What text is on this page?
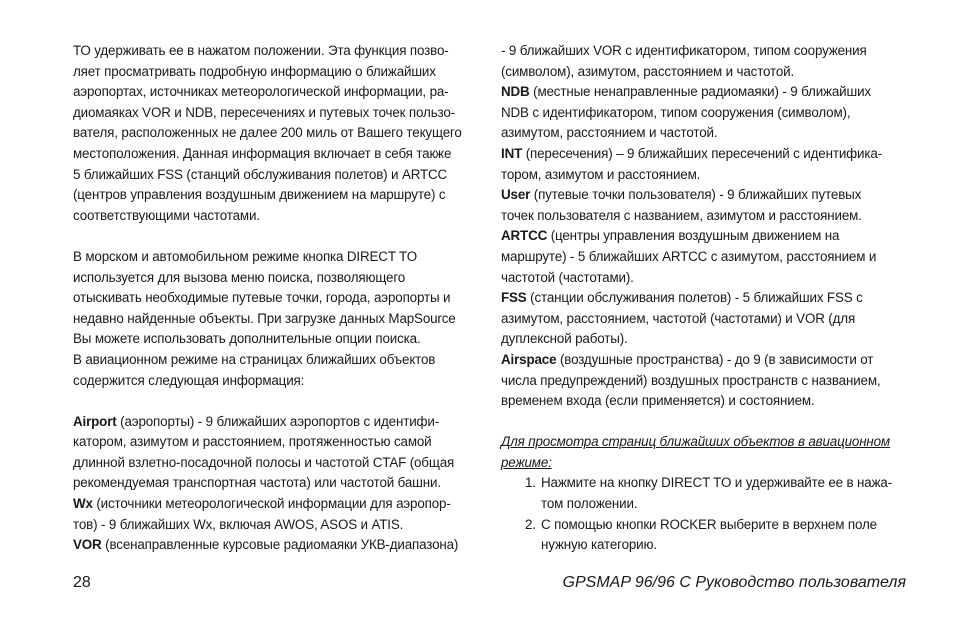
ТО удерживать ее в нажатом положении. Эта функция позво-
ляет просматривать подробную информацию о ближайших
аэропортах, источниках метеорологической информации, ра-
диомаяках VOR и NDB, пересечениях и путевых точек пользо-
вателя, расположенных не далее 200 миль от Вашего текущего
местоположения. Данная информация включает в себя также
5 ближайших FSS (станций обслуживания полетов) и ARTCC
(центров управления воздушным движением на маршруте) с
соответствующими частотами.
В морском и автомобильном режиме кнопка DIRECT TO
используется для вызова меню поиска, позволяющего
отыскивать необходимые путевые точки, города, аэропорты и
недавно найденные объекты. При загрузке данных MapSource
Вы можете использовать дополнительные опции поиска.
В авиационном режиме на страницах ближайших объектов
содержится следующая информация:
Airport (аэропорты) - 9 ближайших аэропортов с идентифи-
катором, азимутом и расстоянием, протяженностью самой
длинной взлетно-посадочной полосы и частотой CTAF (общая
рекомендуемая транспортная частота) или частотой башни.
Wx (источники метеорологической информации для аэропор-
тов) - 9 ближайших Wx, включая AWOS, ASOS и ATIS.
VOR (всенаправленные курсовые радиомаяки УКВ-диапазона)
- 9 ближайших VOR с идентификатором, типом сооружения
(символом), азимутом, расстоянием и частотой.
NDB (местные ненаправленные радиомаяки) - 9 ближайших
NDB с идентификатором, типом сооружения (символом),
азимутом, расстоянием и частотой.
INT (пересечения) – 9 ближайших пересечений с идентифика-
тором, азимутом и расстоянием.
User (путевые точки пользователя) - 9 ближайших путевых
точек пользователя с названием, азимутом и расстоянием.
ARTCC (центры управления воздушным движением на
маршруте) - 5 ближайших ARTCC с азимутом, расстоянием и
частотой (частотами).
FSS (станции обслуживания полетов) - 5 ближайших FSS с
азимутом, расстоянием, частотой (частотами) и VOR (для
дуплексной работы).
Airspace (воздушные пространства) - до 9 (в зависимости от
числа предупреждений) воздушных пространств с названием,
временем входа (если применяется) и состоянием.
Для просмотра страниц ближайших объектов в авиационном
режиме:
1. Нажмите на кнопку DIRECT TO и удерживайте ее в нажа-
том положении.
2. С помощью кнопки ROCKER выберите в верхнем поле
нужную категорию.
28	GPSMAP 96/96 C Руководство пользователя
